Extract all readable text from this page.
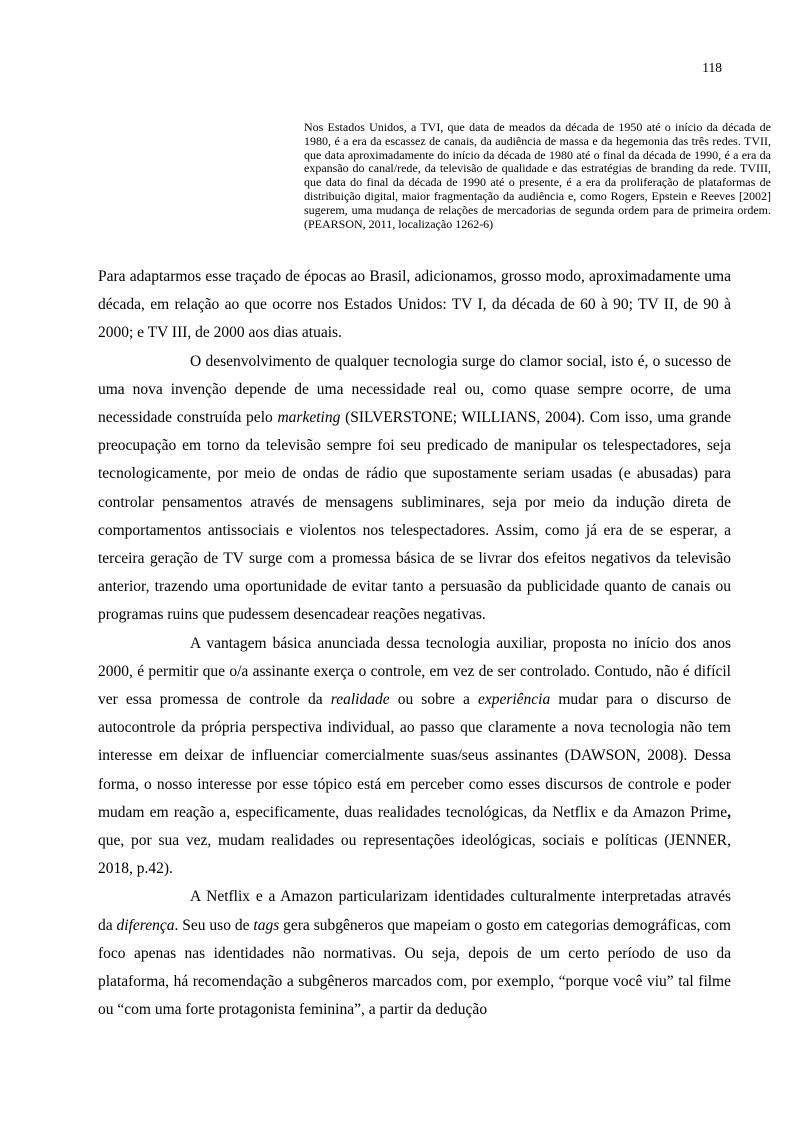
118
Nos Estados Unidos, a TVI, que data de meados da década de 1950 até o início da década de 1980, é a era da escassez de canais, da audiência de massa e da hegemonia das três redes. TVII, que data aproximadamente do início da década de 1980 até o final da década de 1990, é a era da expansão do canal/rede, da televisão de qualidade e das estratégias de branding da rede. TVIII, que data do final da década de 1990 até o presente, é a era da proliferação de plataformas de distribuição digital, maior fragmentação da audiência e, como Rogers, Epstein e Reeves [2002] sugerem, uma mudança de relações de mercadorias de segunda ordem para de primeira ordem. (PEARSON, 2011, localização 1262-6)

Para adaptarmos esse traçado de épocas ao Brasil, adicionamos, grosso modo, aproximadamente uma década, em relação ao que ocorre nos Estados Unidos: TV I, da década de 60 à 90; TV II, de 90 à 2000; e TV III, de 2000 aos dias atuais.

O desenvolvimento de qualquer tecnologia surge do clamor social, isto é, o sucesso de uma nova invenção depende de uma necessidade real ou, como quase sempre ocorre, de uma necessidade construída pelo marketing (SILVERSTONE; WILLIANS, 2004). Com isso, uma grande preocupação em torno da televisão sempre foi seu predicado de manipular os telespectadores, seja tecnologicamente, por meio de ondas de rádio que supostamente seriam usadas (e abusadas) para controlar pensamentos através de mensagens subliminares, seja por meio da indução direta de comportamentos antissociais e violentos nos telespectadores. Assim, como já era de se esperar, a terceira geração de TV surge com a promessa básica de se livrar dos efeitos negativos da televisão anterior, trazendo uma oportunidade de evitar tanto a persuasão da publicidade quanto de canais ou programas ruins que pudessem desencadear reações negativas.

A vantagem básica anunciada dessa tecnologia auxiliar, proposta no início dos anos 2000, é permitir que o/a assinante exerça o controle, em vez de ser controlado. Contudo, não é difícil ver essa promessa de controle da realidade ou sobre a experiência mudar para o discurso de autocontrole da própria perspectiva individual, ao passo que claramente a nova tecnologia não tem interesse em deixar de influenciar comercialmente suas/seus assinantes (DAWSON, 2008). Dessa forma, o nosso interesse por esse tópico está em perceber como esses discursos de controle e poder mudam em reação a, especificamente, duas realidades tecnológicas, da Netflix e da Amazon Prime, que, por sua vez, mudam realidades ou representações ideológicas, sociais e políticas (JENNER, 2018, p.42).

A Netflix e a Amazon particularizam identidades culturalmente interpretadas através da diferença. Seu uso de tags gera subgêneros que mapeiam o gosto em categorias demográficas, com foco apenas nas identidades não normativas. Ou seja, depois de um certo período de uso da plataforma, há recomendação a subgêneros marcados com, por exemplo, “porque você viu” tal filme ou “com uma forte protagonista feminina”, a partir da dedução
